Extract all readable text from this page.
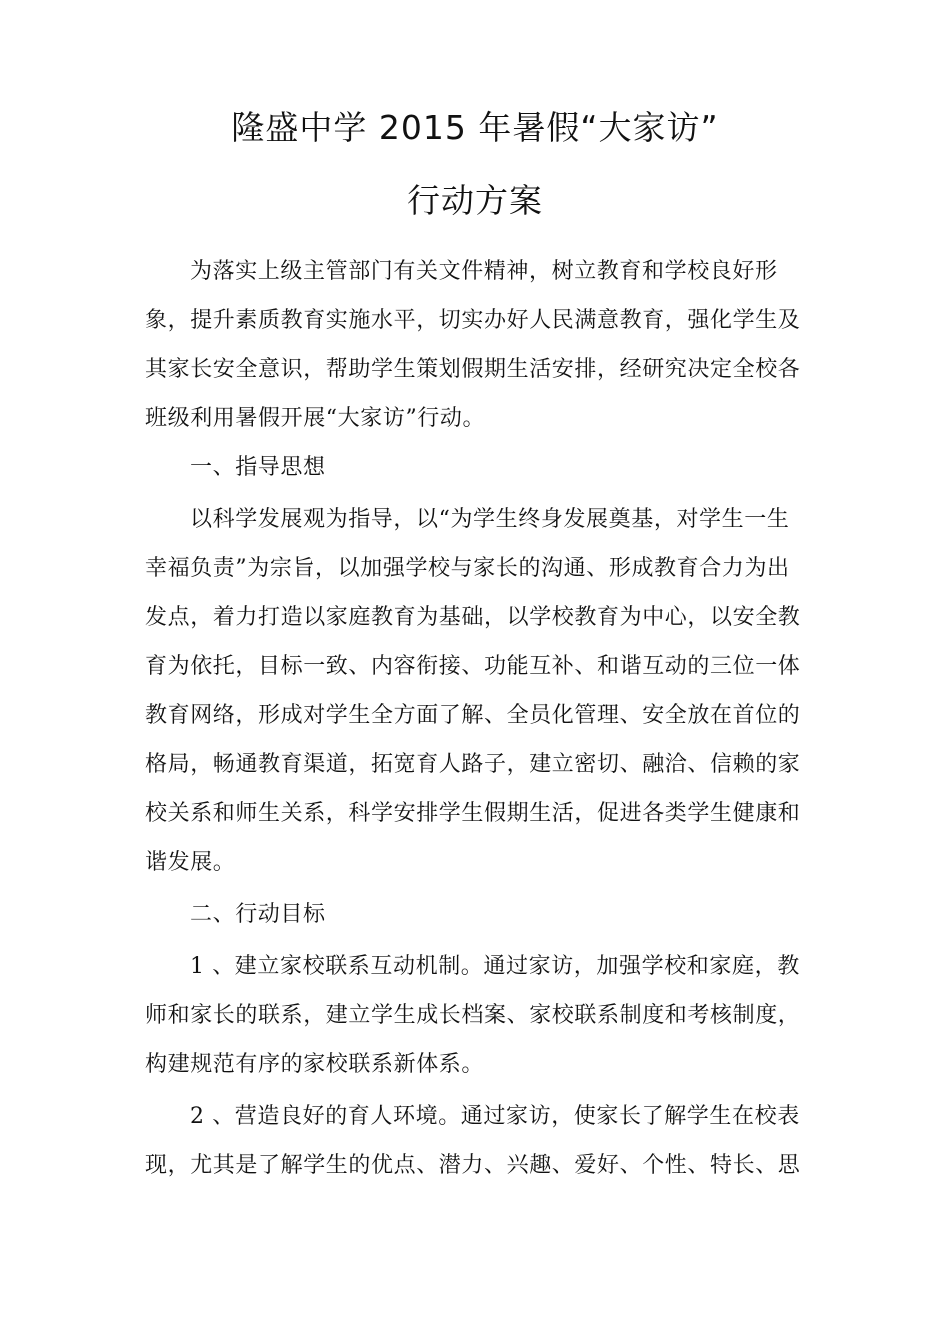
隆盛中学 2015 年暑假“大家访”
行动方案
为落实上级主管部门有关文件精神，树立教育和学校良好形
象，提升素质教育实施水平，切实办好人民满意教育，强化学生及
其家长安全意识，帮助学生策划假期生活安排，经研究决定全校各
班级利用暑假开展“大家访”行动。
一、指导思想
以科学发展观为指导，以“为学生终身发展奠基，对学生一生
幸福负责”为宗旨，以加强学校与家长的沟通、形成教育合力为出
发点，着力打造以家庭教育为基础，以学校教育为中心，以安全教
育为依托，目标一致、内容衔接、功能互补、和谐互动的三位一体
教育网络，形成对学生全方面了解、全员化管理、安全放在首位的
格局，畅通教育渠道，拓宽育人路子，建立密切、融洽、信赖的家
校关系和师生关系，科学安排学生假期生活，促进各类学生健康和
谐发展。
二、行动目标
1 、建立家校联系互动机制。通过家访，加强学校和家庭，教
师和家长的联系，建立学生成长档案、家校联系制度和考核制度，
构建规范有序的家校联系新体系。
2 、营造良好的育人环境。通过家访，使家长了解学生在校表
现，尤其是了解学生的优点、潜力、兴趣、爱好、个性、特长、思
